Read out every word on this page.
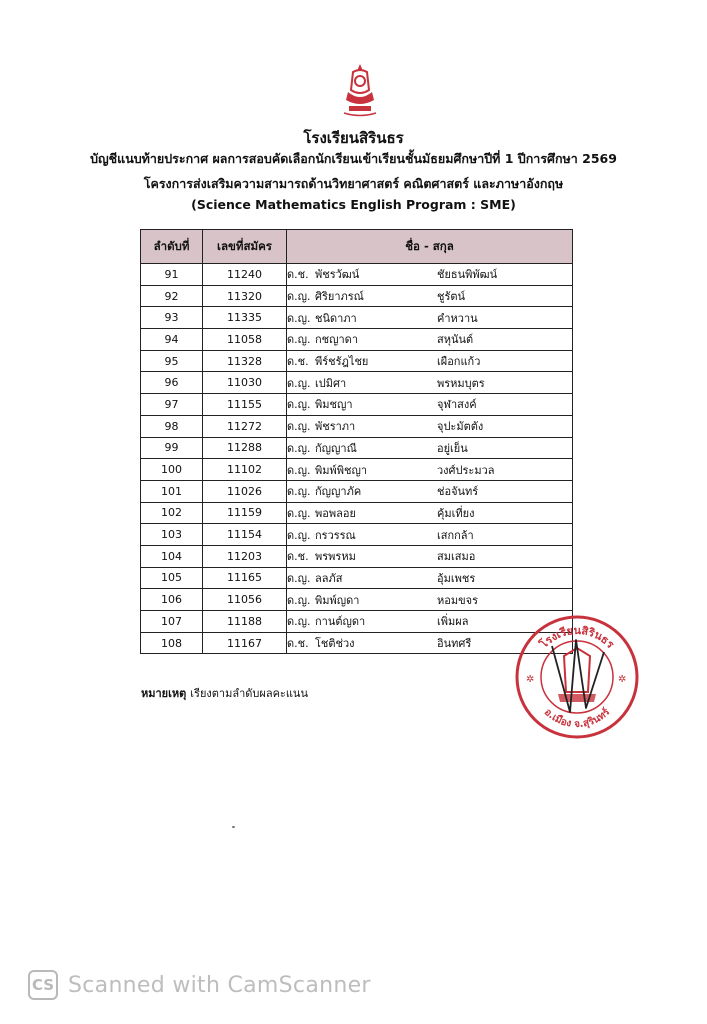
โรงเรียนสิรินธร
บัญชีแนบท้ายประกาศ ผลการสอบคัดเลือกนักเรียนเข้าเรียนชั้นมัธยมศึกษาปีที่ 1 ปีการศึกษา 2569
โครงการส่งเสริมความสามารถด้านวิทยาศาสตร์ คณิตศาสตร์ และภาษาอังกฤษ
(Science Mathematics English Program : SME)
ลำดับที่	เลขที่สมัคร	ชื่อ - สกุล
91	11240	ด.ช. พัชรวัฒน์ ชัยธนพิพัฒน์
92	11320	ด.ญ. ศิริยาภรณ์ ชูรัตน์
93	11335	ด.ญ. ชนิดาภา คำหวาน
94	11058	ด.ญ. กชญาดา สหุนันต์
95	11328	ด.ช. พีร์ชรัฎไชย เผือกแก้ว
96	11030	ด.ญ. เปมิศา พรหมบุตร
97	11155	ด.ญ. พิมชญา จุฬาสงค์
98	11272	ด.ญ. พัชราภา จุปะมัตตัง
99	11288	ด.ญ. กัญญาณี อยู่เย็น
100	11102	ด.ญ. พิมพ์พิชญา วงศ์ประมวล
101	11026	ด.ญ. กัญญาภัค ช่อจันทร์
102	11159	ด.ญ. พอพลอย คุ้มเที่ยง
103	11154	ด.ญ. กรวรรณ เสกกล้า
104	11203	ด.ช. พรพรหม สมเสมอ
105	11165	ด.ญ. ลลภัส อุ้มเพชร
106	11056	ด.ญ. พิมพ์ญดา หอมขจร
107	11188	ด.ญ. กานต์ญดา เพิ่มผล
108	11167	ด.ช. โชติช่วง อินทศรี
หมายเหตุ เรียงตามลำดับผลคะแนน
โรงเรียนสิรินธร
อ.เมือง จ.สุรินทร์
✲	✲
CS Scanned with CamScanner
